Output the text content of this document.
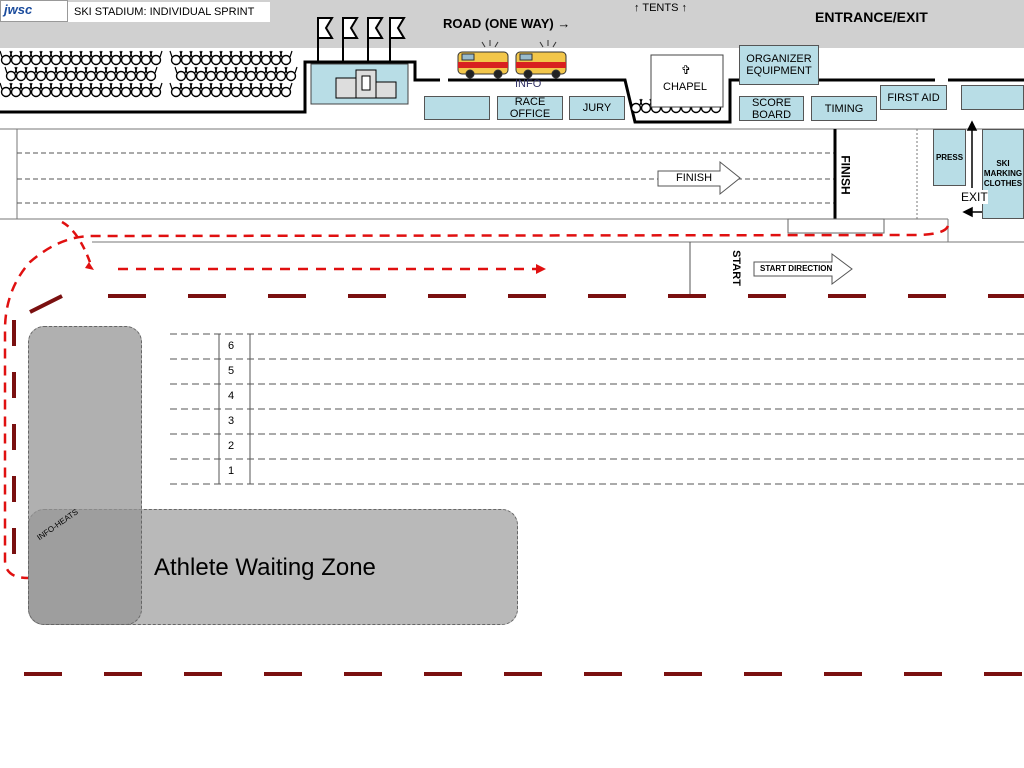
jwsc	SKI STADIUM: INDIVIDUAL SPRINT
ROAD (ONE WAY) →
↑ TENTS ↑
ENTRANCE/EXIT
INFO
RACE
OFFICE	JURY
✞
CHAPEL
ORGANIZER
EQUIPMENT
SCORE
BOARD	TIMING
FIRST AID
PRESS
SKI
MARKING
CLOTHES
EXIT
FINISH	FINISH
START START DIRECTION
6
5
4
3
2
1
INFO-HEATS
Athlete Waiting Zone
